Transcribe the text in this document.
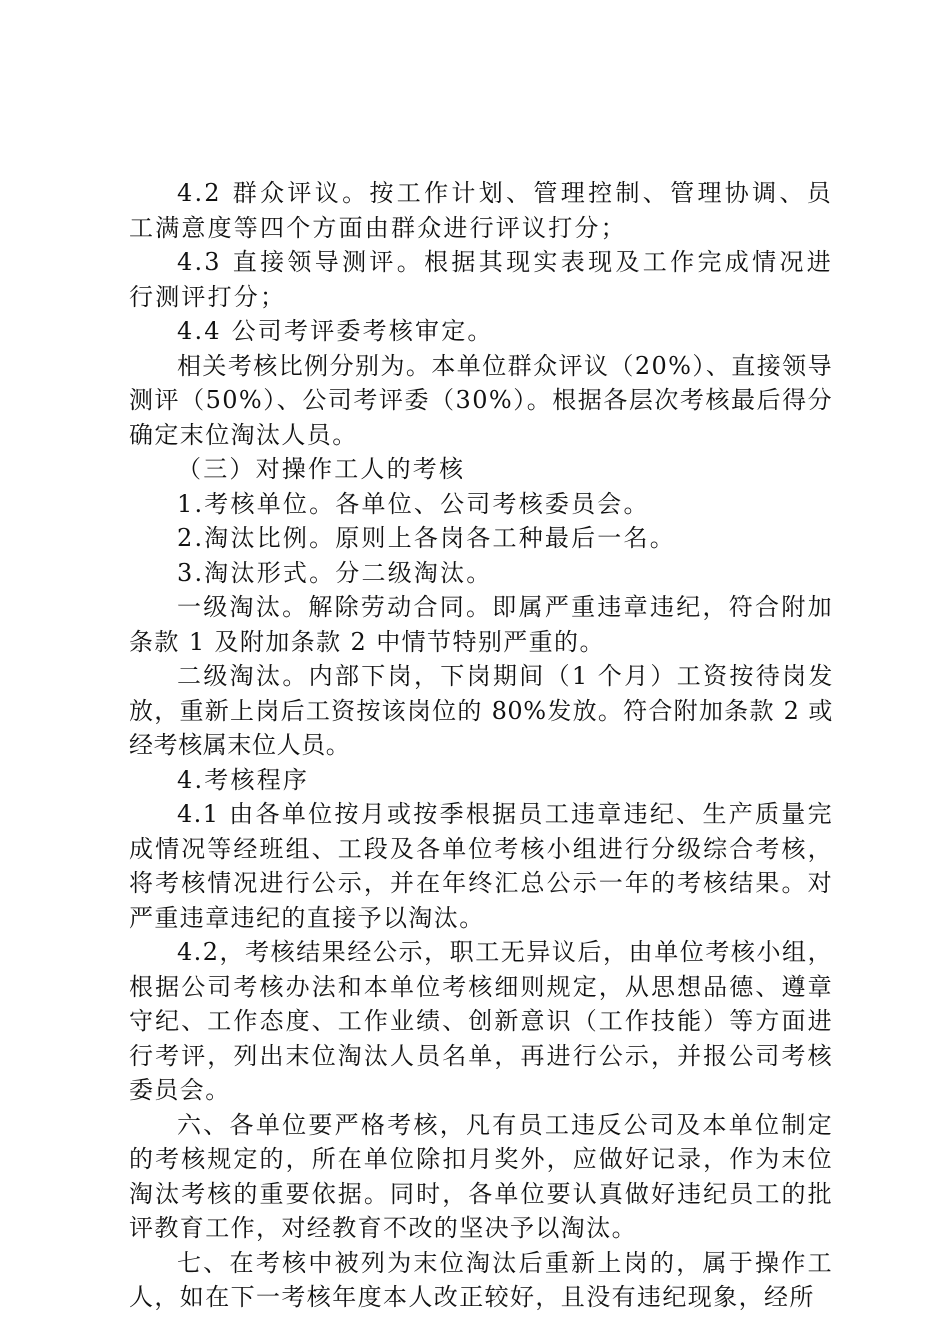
4.2 群众评议。按工作计划、管理控制、管理协调、员工满意度等四个方面由群众进行评议打分；

4.3 直接领导测评。根据其现实表现及工作完成情况进行测评打分；

4.4 公司考评委考核审定。

相关考核比例分别为。本单位群众评议（20%）、直接领导测评（50%）、公司考评委（30%）。根据各层次考核最后得分确定末位淘汰人员。

（三）对操作工人的考核

1.考核单位。各单位、公司考核委员会。

2.淘汰比例。原则上各岗各工种最后一名。

3.淘汰形式。分二级淘汰。

一级淘汰。解除劳动合同。即属严重违章违纪，符合附加条款 1 及附加条款 2 中情节特别严重的。

二级淘汰。内部下岗，下岗期间（1 个月）工资按待岗发放，重新上岗后工资按该岗位的 80%发放。符合附加条款 2 或经考核属末位人员。

4.考核程序

4.1 由各单位按月或按季根据员工违章违纪、生产质量完成情况等经班组、工段及各单位考核小组进行分级综合考核，将考核情况进行公示，并在年终汇总公示一年的考核结果。对严重违章违纪的直接予以淘汰。

4.2，考核结果经公示，职工无异议后，由单位考核小组，根据公司考核办法和本单位考核细则规定，从思想品德、遵章守纪、工作态度、工作业绩、创新意识（工作技能）等方面进行考评，列出末位淘汰人员名单，再进行公示，并报公司考核委员会。

六、各单位要严格考核，凡有员工违反公司及本单位制定的考核规定的，所在单位除扣月奖外，应做好记录，作为末位淘汰考核的重要依据。同时，各单位要认真做好违纪员工的批评教育工作，对经教育不改的坚决予以淘汰。

七、在考核中被列为末位淘汰后重新上岗的，属于操作工人，如在下一考核年度本人改正较好，且没有违纪现象，经所
